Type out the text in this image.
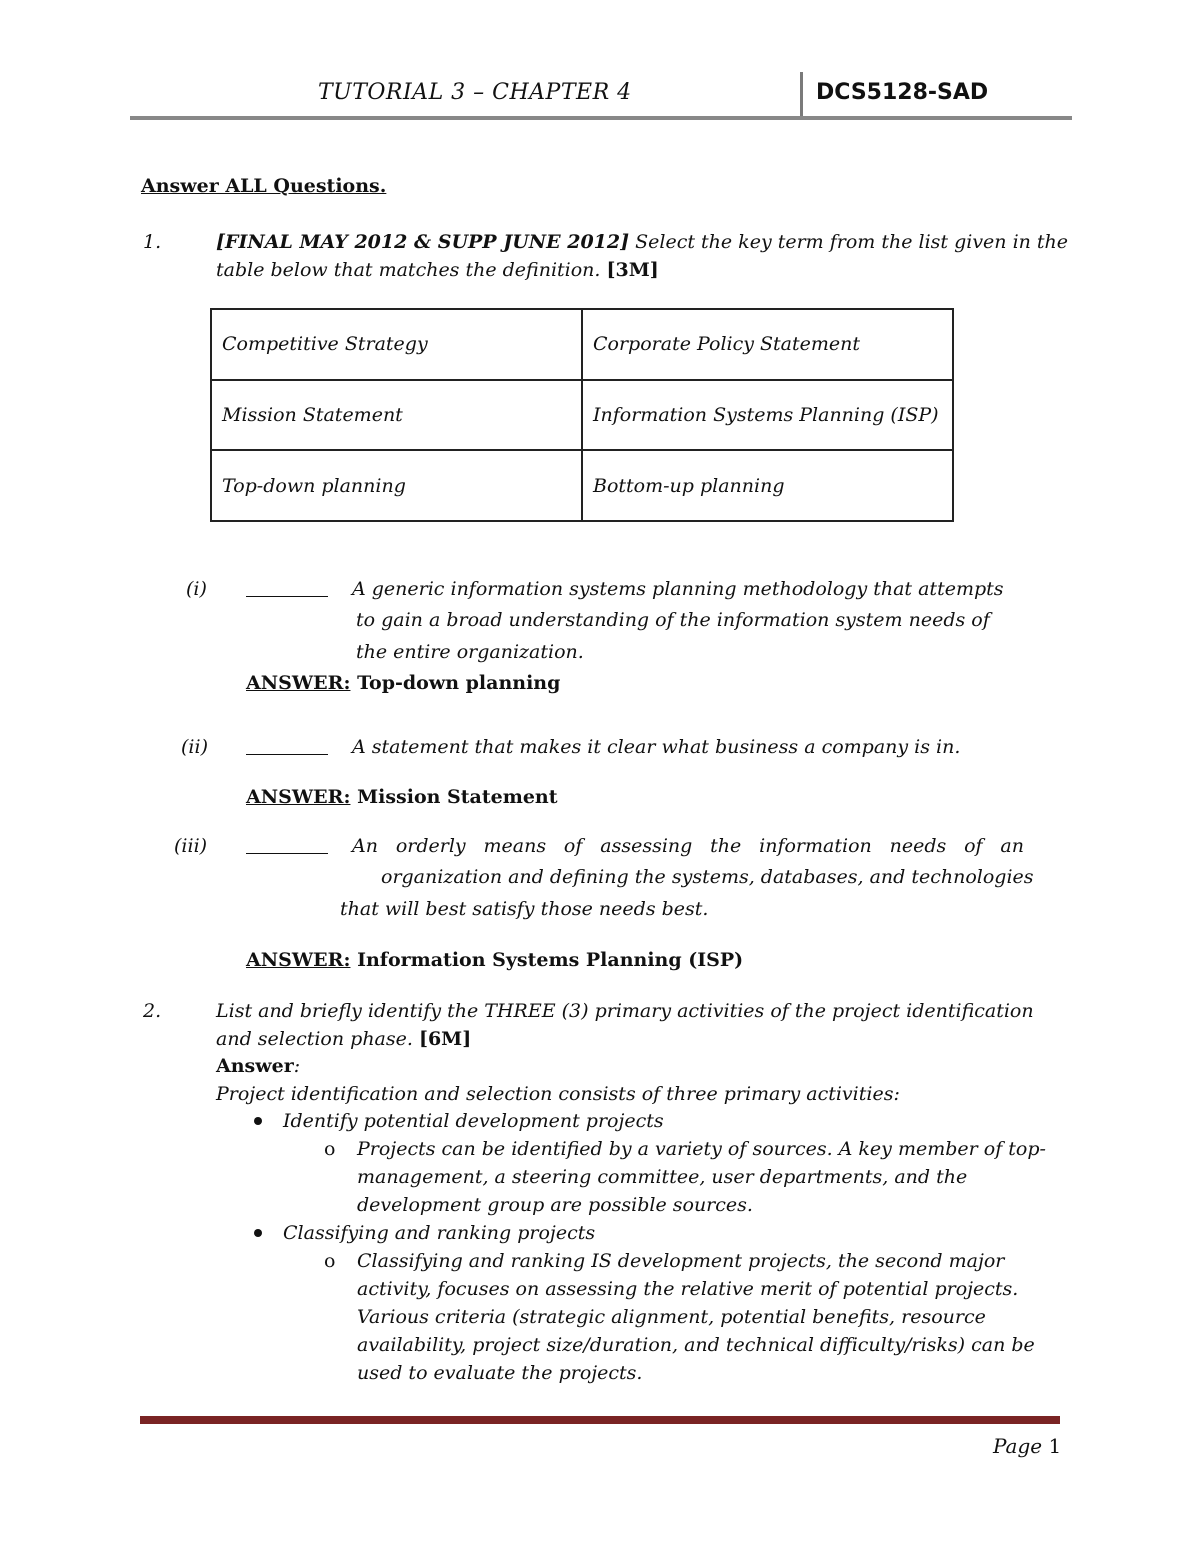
TUTORIAL 3 – CHAPTER 4	DCS5128-SAD
Answer ALL Questions.
1.	[FINAL MAY 2012 & SUPP JUNE 2012] Select the key term from the list given in the
table below that matches the definition. [3M]
Competitive Strategy	Corporate Policy Statement
Mission Statement	Information Systems Planning (ISP)
Top-down planning	Bottom-up planning
(i)	A generic information systems planning methodology that attempts
to gain a broad understanding of the information system needs of
the entire organization.
ANSWER: Top-down planning
(ii)	A statement that makes it clear what business a company is in.
ANSWER: Mission Statement
(iii)	An orderly means of assessing the information needs of an
organization and defining the systems, databases, and technologies
that will best satisfy those needs best.
ANSWER: Information Systems Planning (ISP)
2.	List and briefly identify the THREE (3) primary activities of the project identification
and selection phase. [6M]
Answer:
Project identification and selection consists of three primary activities:
Identify potential development projects
o Projects can be identified by a variety of sources. A key member of top-
management, a steering committee, user departments, and the
development group are possible sources.
Classifying and ranking projects
o Classifying and ranking IS development projects, the second major
activity, focuses on assessing the relative merit of potential projects.
Various criteria (strategic alignment, potential benefits, resource
availability, project size/duration, and technical difficulty/risks) can be
used to evaluate the projects.
Page 1
